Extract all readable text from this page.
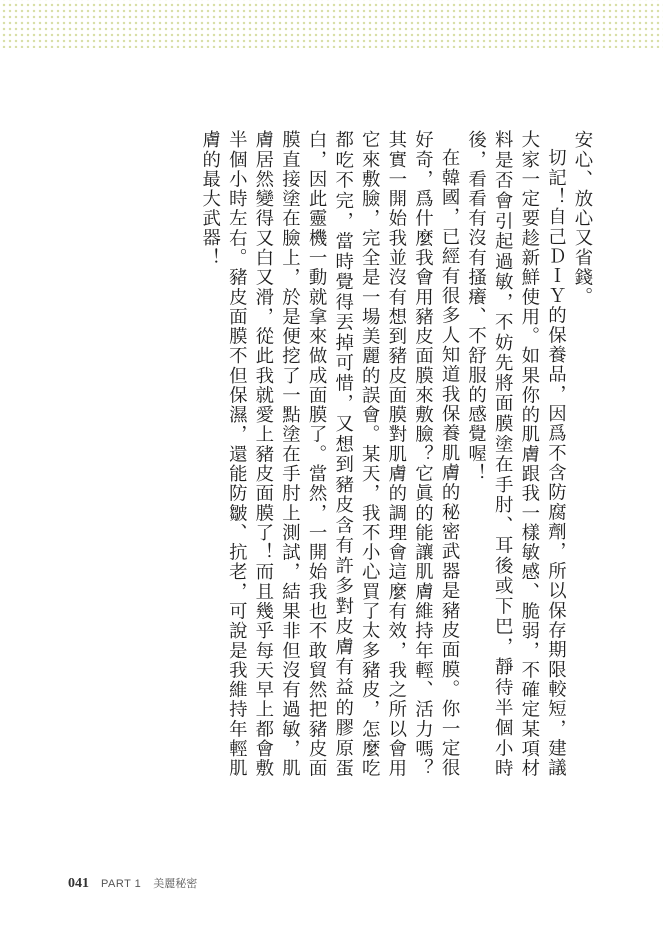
安心、放心又省錢。

切記！自己ＤＩＹ的保養品，因爲不含防腐劑，所以保存期限較短，建議大家一定要趁新鮮使用。如果你的肌膚跟我一樣敏感、脆弱，不確定某項材料是否會引起過敏，不妨先將面膜塗在手肘、耳後或下巴，靜待半個小時後，看看有沒有搔癢、不舒服的感覺喔！

在韓國，已經有很多人知道我保養肌膚的秘密武器是豬皮面膜。你一定很好奇，爲什麼我會用豬皮面膜來敷臉？它眞的能讓肌膚維持年輕、活力嗎？其實一開始我並沒有想到豬皮面膜對肌膚的調理會這麼有效，我之所以會用它來敷臉，完全是一場美麗的誤會。某天，我不小心買了太多豬皮，怎麼吃都吃不完，當時覺得丟掉可惜，又想到豬皮含有許多對皮膚有益的膠原蛋白，因此靈機一動就拿來做成面膜了。當然，一開始我也不敢貿然把豬皮面膜直接塗在臉上，於是便挖了一點塗在手肘上測試，結果非但沒有過敏，肌膚居然變得又白又滑，從此我就愛上豬皮面膜了！而且幾乎每天早上都會敷半個小時左右。豬皮面膜不但保濕，還能防皺、抗老，可說是我維持年輕肌膚的最大武器！

041 PART 1 美麗秘密
